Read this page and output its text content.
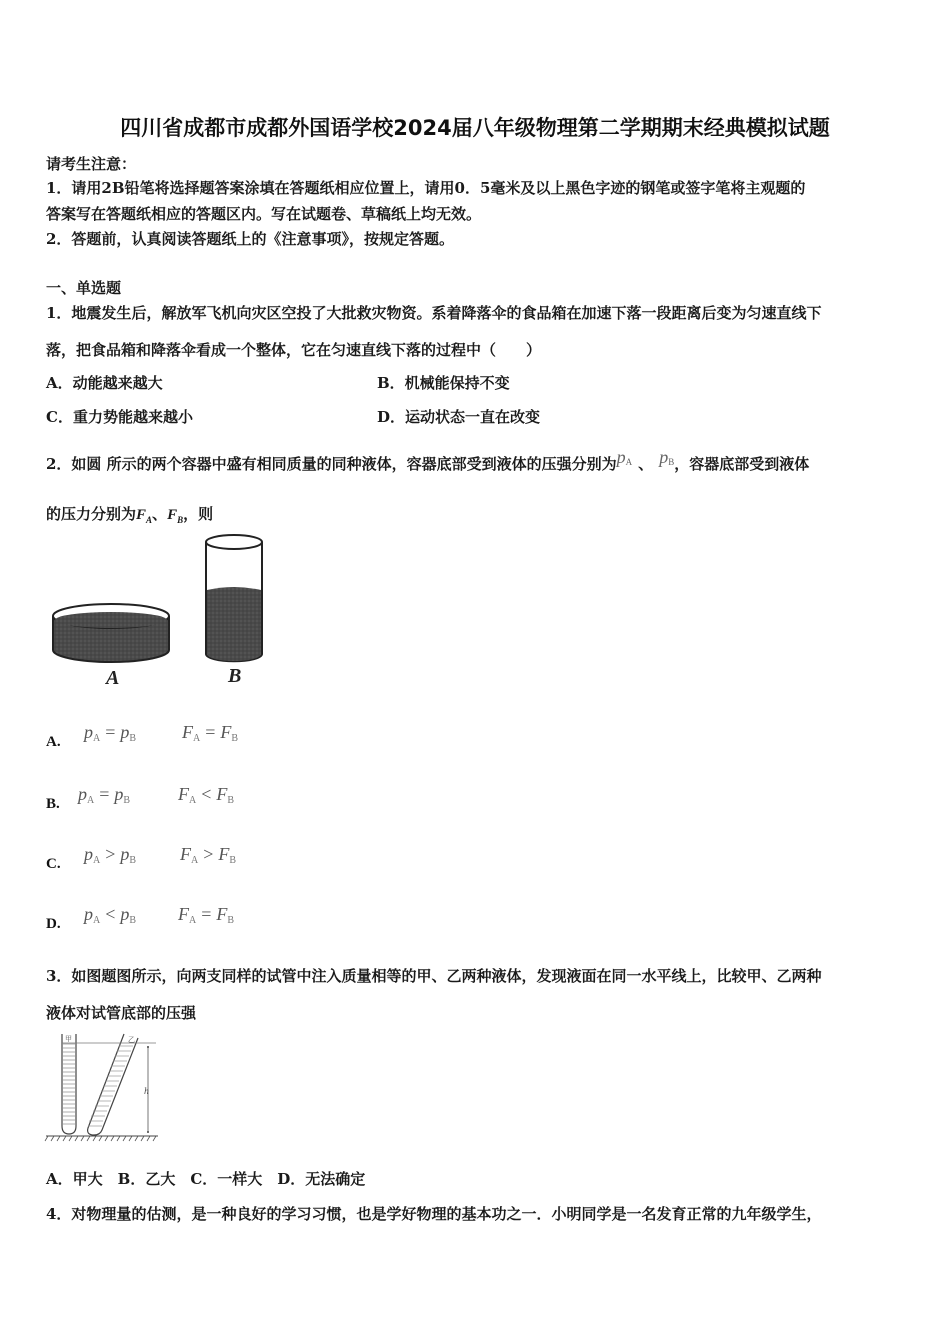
四川省成都市成都外国语学校2024届八年级物理第二学期期末经典模拟试题
请考生注意：
1．请用2B铅笔将选择题答案涂填在答题纸相应位置上，请用0．5毫米及以上黑色字迹的钢笔或签字笔将主观题的
答案写在答题纸相应的答题区内。写在试题卷、草稿纸上均无效。
2．答题前，认真阅读答题纸上的《注意事项》，按规定答题。
一、单选题
1．地震发生后，解放军飞机向灾区空投了大批救灾物资。系着降落伞的食品箱在加速下落一段距离后变为匀速直线下
落，把食品箱和降落伞看成一个整体，它在匀速直线下落的过程中（　　）
A．动能越来越大	B．机械能保持不变
C．重力势能越来越小	D．运动状态一直在改变
2．如圆 所示的两个容器中盛有相同质量的同种液体，容器底部受到液体的压强分别为$p_A$ 、 $p_B$，容器底部受到液体
的压力分别为$F_A$、$F_B$，则
A	B
A. $p_A = p_B$	$F_A = F_B$
B. $p_A = p_B$	$F_A < F_B$
C. $p_A > p_B$ $F_A > F_B$
D. $p_A < p_B$ $F_A = F_B$
3．如图题图所示，向两支同样的试管中注入质量相等的甲、乙两种液体，发现液面在同一水平线上，比较甲、乙两种
液体对试管底部的压强
甲	乙
h
A．甲大　B．乙大　C．一样大　D．无法确定
4．对物理量的估测，是一种良好的学习习惯，也是学好物理的基本功之一．小明同学是一名发育正常的九年级学生，
